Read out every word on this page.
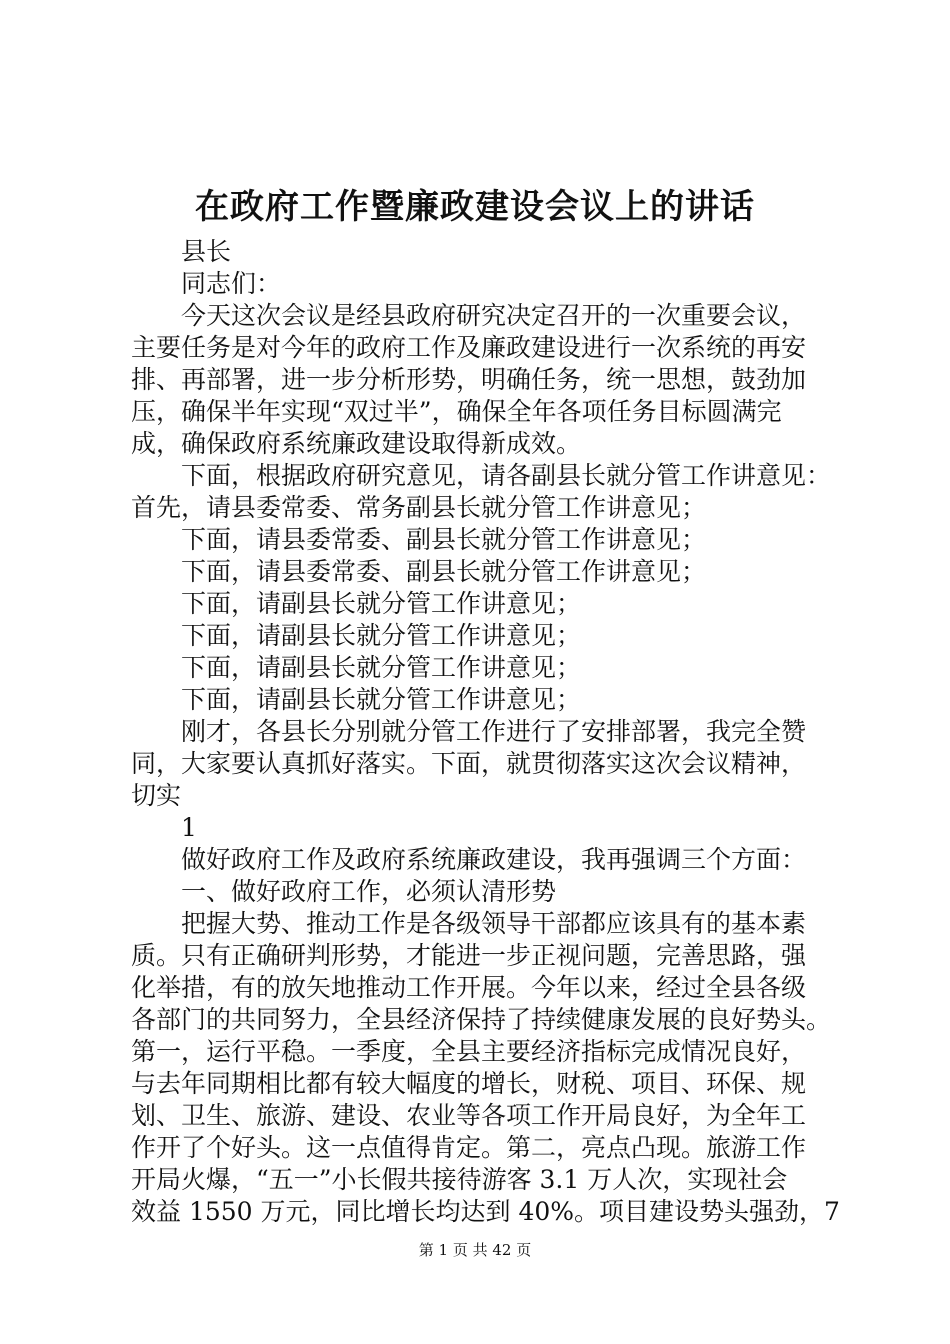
在政府工作暨廉政建设会议上的讲话
县长
同志们：
今天这次会议是经县政府研究决定召开的一次重要会议，
主要任务是对今年的政府工作及廉政建设进行一次系统的再安
排、再部署，进一步分析形势，明确任务，统一思想，鼓劲加
压，确保半年实现“双过半”，确保全年各项任务目标圆满完
成，确保政府系统廉政建设取得新成效。
下面，根据政府研究意见，请各副县长就分管工作讲意见：
首先，请县委常委、常务副县长就分管工作讲意见；
下面，请县委常委、副县长就分管工作讲意见；
下面，请县委常委、副县长就分管工作讲意见；
下面，请副县长就分管工作讲意见；
下面，请副县长就分管工作讲意见；
下面，请副县长就分管工作讲意见；
下面，请副县长就分管工作讲意见；
刚才，各县长分别就分管工作进行了安排部署，我完全赞
同，大家要认真抓好落实。下面，就贯彻落实这次会议精神，
切实
1
做好政府工作及政府系统廉政建设，我再强调三个方面：
一、做好政府工作，必须认清形势
把握大势、推动工作是各级领导干部都应该具有的基本素
质。只有正确研判形势，才能进一步正视问题，完善思路，强
化举措，有的放矢地推动工作开展。今年以来，经过全县各级
各部门的共同努力，全县经济保持了持续健康发展的良好势头。
第一，运行平稳。一季度，全县主要经济指标完成情况良好，
与去年同期相比都有较大幅度的增长，财税、项目、环保、规
划、卫生、旅游、建设、农业等各项工作开局良好，为全年工
作开了个好头。这一点值得肯定。第二，亮点凸现。旅游工作
开局火爆，“五一”小长假共接待游客 3.1 万人次，实现社会
效益 1550 万元，同比增长均达到 40%。项目建设势头强劲，7
第 1 页 共 42 页
